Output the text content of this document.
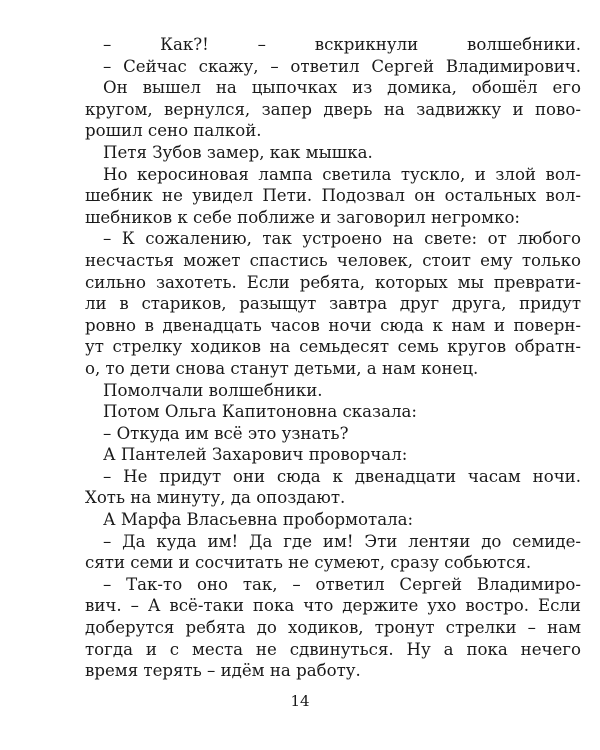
– Как?! – вскрикнули волшебники.
– Сейчас скажу, – ответил Сергей Владимирович.
Он вышел на цыпочках из домика, обошёл его
кругом, вернулся, запер дверь на задвижку и пово-
рошил сено палкой.
Петя Зубов замер, как мышка.
Но керосиновая лампа светила тускло, и злой вол-
шебник не увидел Пети. Подозвал он остальных вол-
шебников к себе поближе и заговорил негромко:
– К сожалению, так устроено на свете: от любого
несчастья может спастись человек, стоит ему только
сильно захотеть. Если ребята, которых мы преврати-
ли в стариков, разыщут завтра друг друга, придут
ровно в двенадцать часов ночи сюда к нам и поверн-
ут стрелку ходиков на семьдесят семь кругов обратн-
о, то дети снова станут детьми, а нам конец.
Помолчали волшебники.
Потом Ольга Капитоновна сказала:
– Откуда им всё это узнать?
А Пантелей Захарович проворчал:
– Не придут они сюда к двенадцати часам ночи.
Хоть на минуту, да опоздают.
А Марфа Власьевна пробормотала:
– Да куда им! Да где им! Эти лентяи до семиде-
сяти семи и сосчитать не сумеют, сразу собьются.
– Так-то оно так, – ответил Сергей Владимиро-
вич. – А всё-таки пока что держите ухо востро. Если
доберутся ребята до ходиков, тронут стрелки – нам
тогда и с места не сдвинуться. Ну а пока нечего
время терять – идём на работу.
14
